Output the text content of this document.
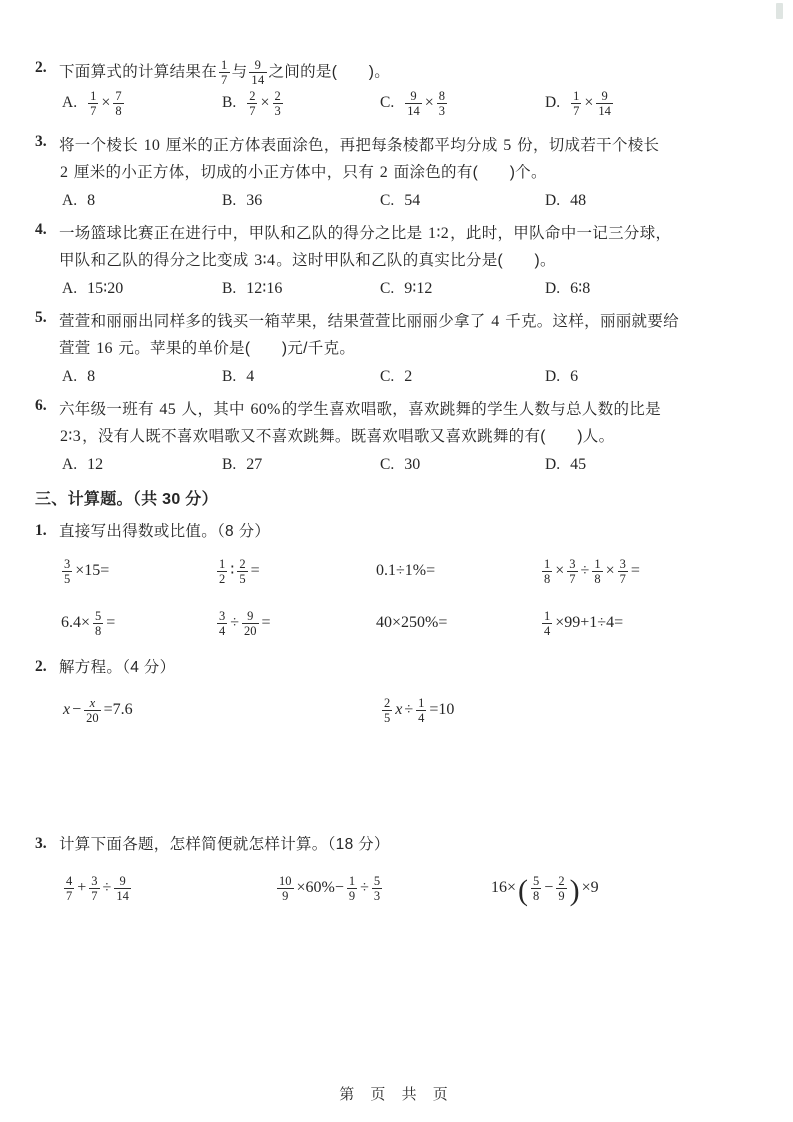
2. 下面算式的计算结果在 $\frac{1}{7}$ 与 $\frac{9}{14}$ 之间的是(　　)。
A. $\frac{1}{7} \times \frac{7}{8}$	B. $\frac{2}{7} \times \frac{2}{3}$	C. $\frac{9}{14} \times \frac{8}{3}$	D. $\frac{1}{7} \times \frac{9}{14}$
3. 将一个棱长 10 厘米的正方体表面涂色，再把每条棱都平均分成 5 份，切成若干个棱长
2 厘米的小正方体，切成的小正方体中，只有 2 面涂色的有(　　)个。
A. 8	B. 36	C. 54	D. 48
4. 一场篮球比赛正在进行中，甲队和乙队的得分之比是 1∶2，此时，甲队命中一记三分球，
甲队和乙队的得分之比变成 3∶4。这时甲队和乙队的真实比分是(　　)。
A. 15∶20	B. 12∶16	C. 9∶12	D. 6∶8
5. 萱萱和丽丽出同样多的钱买一箱苹果，结果萱萱比丽丽少拿了 4 千克。这样，丽丽就要给
萱萱 16 元。苹果的单价是(　　)元/千克。
A. 8	B. 4	C. 2	D. 6
6. 六年级一班有 45 人，其中 60%的学生喜欢唱歌，喜欢跳舞的学生人数与总人数的比是
2∶3，没有人既不喜欢唱歌又不喜欢跳舞。既喜欢唱歌又喜欢跳舞的有(　　)人。
A. 12	B. 27	C. 30	D. 45
三、计算题。（共 30 分）
1. 直接写出得数或比值。（8 分）
$\frac{3}{5} \times 15=$	$\frac{1}{2}$ ∶ $\frac{2}{5}$ =	0.1÷1%=	$\frac{1}{8} \times \frac{3}{7} \div \frac{1}{8} \times \frac{3}{7}$ =
$6.4\times \frac{5}{8}$ =	$\frac{3}{4} \div \frac{9}{20}$ =	40×250%=	$\frac{1}{4} \times 99+1\div 4=$
2. 解方程。（4 分）
$x - \frac{x}{20} =7.6$	$\frac{2}{5}$ $x \div \frac{1}{4} =10$
3. 计算下面各题，怎样简便就怎样计算。（18 分）
$\frac{4}{7} + \frac{3}{7} \div \frac{9}{14}$	$\frac{10}{9} \times 60\%- \frac{1}{9} \div \frac{5}{3}$	$16\times( \frac{5}{8} - \frac{2}{9}$ ) ×9
第 页 共 页
